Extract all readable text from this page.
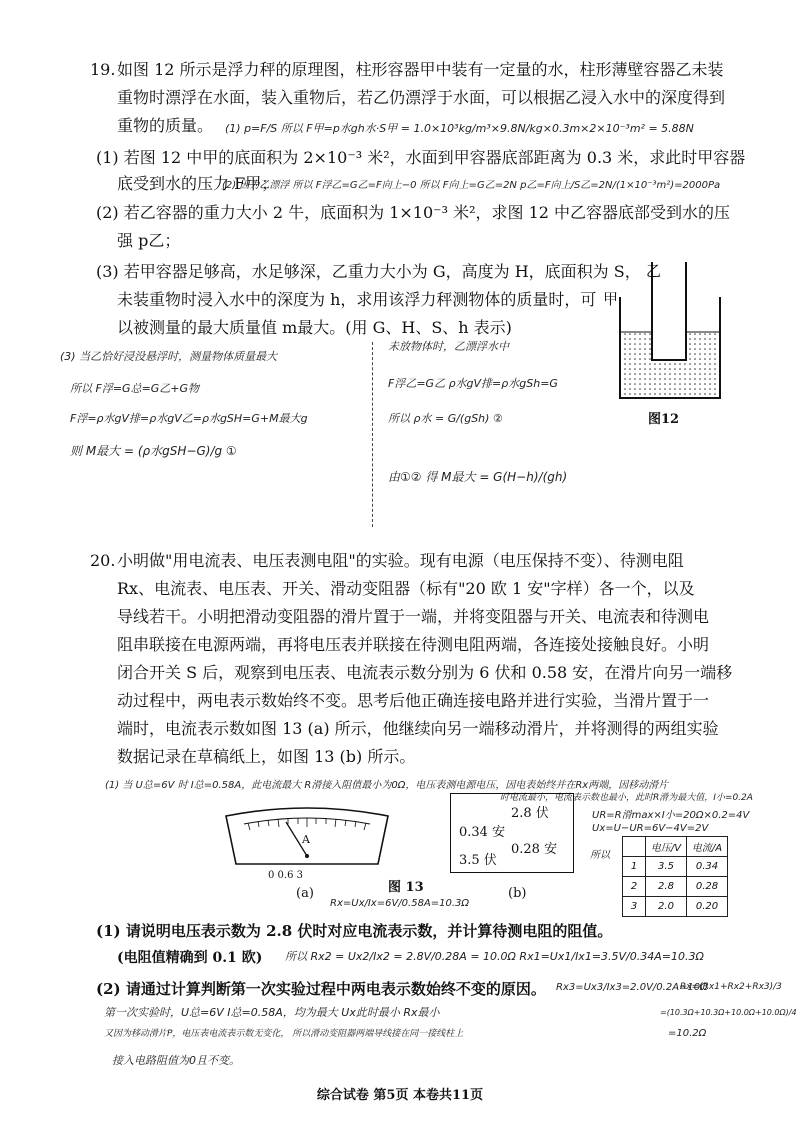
19. 如图 12 所示是浮力秤的原理图，柱形容器甲中装有一定量的水，柱形薄壁容器乙未装
重物时漂浮在水面，装入重物后，若乙仍漂浮于水面，可以根据乙浸入水中的深度得到
重物的质量。 (1) p=F/S 所以 F甲=p水gh水·S甲 = 1.0×10³kg/m³×9.8N/kg×0.3m×2×10⁻³m² = 5.88N
(1) 若图 12 中甲的底面积为 2×10⁻³ 米²，水面到甲容器底部距离为 0.3 米，求此时甲容器
底受到水的压力 F甲；
(2) 因为乙漂浮 所以 F浮乙=G乙=F向上−0 所以 F向上=G乙=2N p乙=F向上/S乙=2N/(1×10⁻³m²)=2000Pa
(2) 若乙容器的重力大小 2 牛，底面积为 1×10⁻³ 米²，求图 12 中乙容器底部受到水的压
强 p乙；
(3) 若甲容器足够高，水足够深，乙重力大小为 G，高度为 H，底面积为 S，
未装重物时浸入水中的深度为 h，求用该浮力秤测物体的质量时，可
以被测量的最大质量值 m最大。(用 G、H、S、h 表示)
乙
甲
图12
(3) 当乙恰好浸没悬浮时，测量物体质量最大
所以 F浮=G总=G乙+G物
F浮=ρ水gV排=ρ水gV乙=ρ水gSH=G+M最大g
则 M最大 = (ρ水gSH−G)/g ①
未放物体时，乙漂浮水中
F浮乙=G乙 ρ水gV排=ρ水gSh=G
所以 ρ水 = G/(gSh) ②
由①② 得 M最大 = G(H−h)/(gh)
20. 小明做"用电流表、电压表测电阻"的实验。现有电源（电压保持不变）、待测电阻
Rx、电流表、电压表、开关、滑动变阻器（标有"20 欧 1 安"字样）各一个，以及
导线若干。小明把滑动变阻器的滑片置于一端，并将变阻器与开关、电流表和待测电
阻串联接在电源两端，再将电压表并联接在待测电阻两端，各连接处接触良好。小明
闭合开关 S 后，观察到电压表、电流表示数分别为 6 伏和 0.58 安，在滑片向另一端移
动过程中，两电表示数始终不变。思考后他正确连接电路并进行实验，当滑片置于一
端时，电流表示数如图 13 (a) 所示，他继续向另一端移动滑片，并将测得的两组实验
数据记录在草稿纸上，如图 13 (b) 所示。
(1) 当 U总=6V 时 I总=0.58A，此电流最大 R滑接入阻值最小为0Ω，电压表测电源电压，因电表始终并在Rx两端，因移动滑片
时电流最小，电流表示数也最小，此时R滑为最大值，I小=0.2A
UR=R滑max×I小=20Ω×0.2=4V
Ux=U−UR=6V−4V=2V
所以
A
0 0.6 3
(a)	图 13	(b)
Rx=Ux/Ix=6V/0.58A=10.3Ω
2.8 伏
0.34 安
0.28 安
3.5 伏
	电压/V	电流/A
1	3.5	0.34
2	2.8	0.28
3	2.0	0.20
(1) 请说明电压表示数为 2.8 伏时对应电流表示数，并计算待测电阻的阻值。
(电阻值精确到 0.1 欧) 所以 Rx2 = Ux2/Ix2 = 2.8V/0.28A = 10.0Ω Rx1=Ux1/Ix1=3.5V/0.34A=10.3Ω
(2) 请通过计算判断第一次实验过程中两电表示数始终不变的原因。 Rx3=Ux3/Ix3=2.0V/0.2A=10Ω
Rx=(Rx1+Rx2+Rx3)/3
=(10.3Ω+10.3Ω+10.0Ω+10.0Ω)/4
=10.2Ω
第一次实验时，U总=6V I总=0.58A，均为最大 Ux此时最小 Rx最小
又因为移动滑片P，电压表电流表示数无变化， 所以滑动变阻器两端导线接在同一接线柱上
接入电路阻值为0且不变。
综合试卷 第5页 本卷共11页
